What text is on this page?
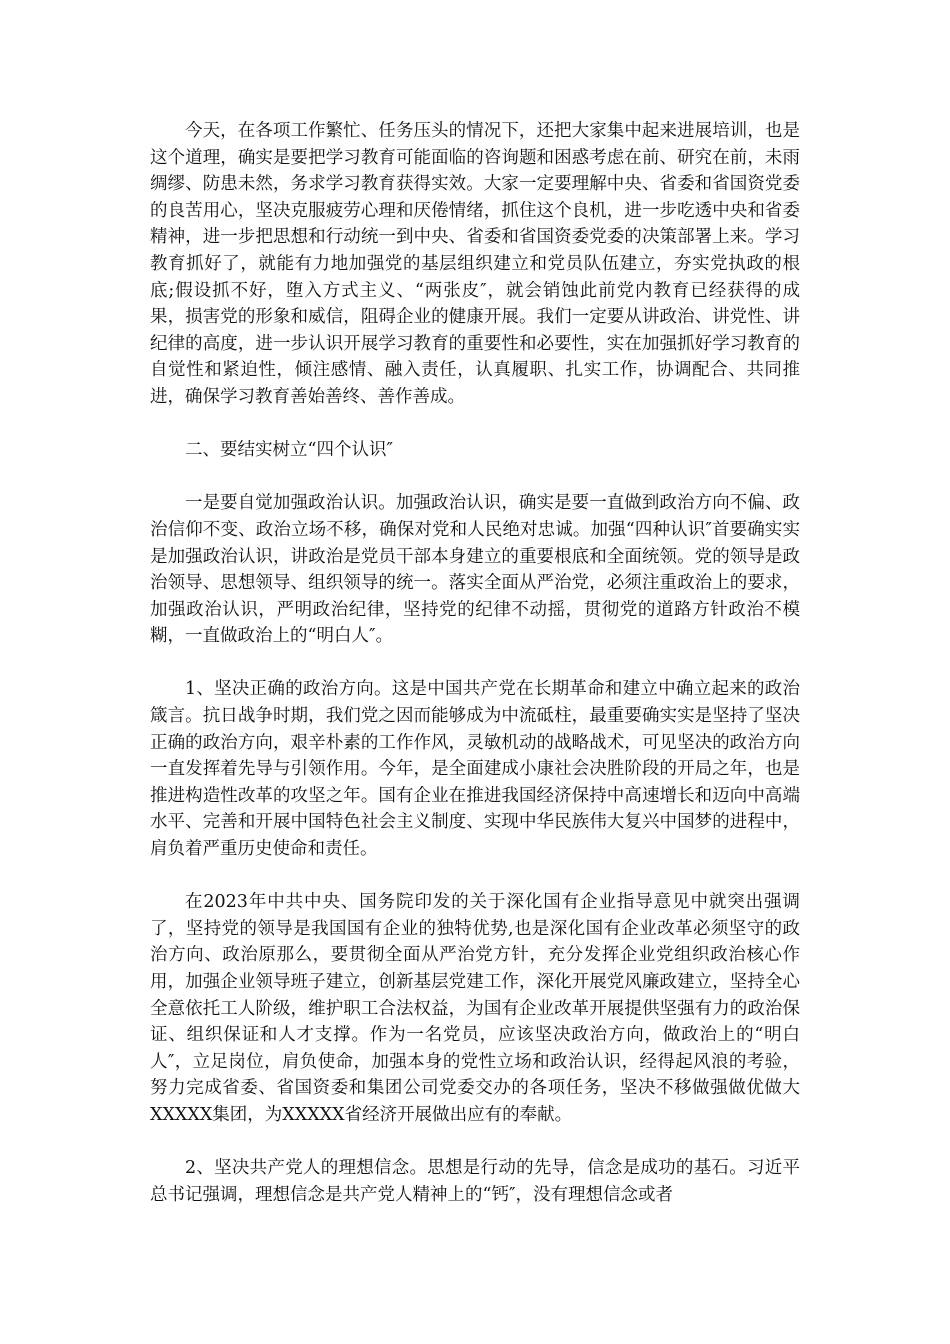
今天，在各项工作繁忙、任务压头的情况下，还把大家集中起来进展培训，也是这个道理，确实是要把学习教育可能面临的咨询题和困惑考虑在前、研究在前，未雨绸缪、防患未然，务求学习教育获得实效。大家一定要理解中央、省委和省国资党委的良苦用心，坚决克服疲劳心理和厌倦情绪，抓住这个良机，进一步吃透中央和省委精神，进一步把思想和行动统一到中央、省委和省国资委党委的决策部署上来。学习教育抓好了，就能有力地加强党的基层组织建立和党员队伍建立，夯实党执政的根底;假设抓不好，堕入方式主义、“两张皮″，就会销蚀此前党内教育已经获得的成果，损害党的形象和威信，阻碍企业的健康开展。我们一定要从讲政治、讲党性、讲纪律的高度，进一步认识开展学习教育的重要性和必要性，实在加强抓好学习教育的自觉性和紧迫性，倾注感情、融入责任，认真履职、扎实工作，协调配合、共同推进，确保学习教育善始善终、善作善成。

二、要结实树立“四个认识″

一是要自觉加强政治认识。加强政治认识，确实是要一直做到政治方向不偏、政治信仰不变、政治立场不移，确保对党和人民绝对忠诚。加强“四种认识″首要确实实是加强政治认识，讲政治是党员干部本身建立的重要根底和全面统领。党的领导是政治领导、思想领导、组织领导的统一。落实全面从严治党，必须注重政治上的要求，加强政治认识，严明政治纪律，坚持党的纪律不动摇，贯彻党的道路方针政治不模糊，一直做政治上的“明白人″。

1、坚决正确的政治方向。这是中国共产党在长期革命和建立中确立起来的政治箴言。抗日战争时期，我们党之因而能够成为中流砥柱，最重要确实实是坚持了坚决正确的政治方向，艰辛朴素的工作作风，灵敏机动的战略战术，可见坚决的政治方向一直发挥着先导与引领作用。今年，是全面建成小康社会决胜阶段的开局之年，也是推进构造性改革的攻坚之年。国有企业在推进我国经济保持中高速增长和迈向中高端水平、完善和开展中国特色社会主义制度、实现中华民族伟大复兴中国梦的进程中，肩负着严重历史使命和责任。

在2023年中共中央、国务院印发的关于深化国有企业指导意见中就突出强调了，坚持党的领导是我国国有企业的独特优势,也是深化国有企业改革必须坚守的政治方向、政治原那么，要贯彻全面从严治党方针，充分发挥企业党组织政治核心作用，加强企业领导班子建立，创新基层党建工作，深化开展党风廉政建立，坚持全心全意依托工人阶级，维护职工合法权益，为国有企业改革开展提供坚强有力的政治保证、组织保证和人才支撑。作为一名党员，应该坚决政治方向，做政治上的“明白人″，立足岗位，肩负使命，加强本身的党性立场和政治认识，经得起风浪的考验，努力完成省委、省国资委和集团公司党委交办的各项任务，坚决不移做强做优做大XXXXX集团，为XXXXX省经济开展做出应有的奉献。

2、坚决共产党人的理想信念。思想是行动的先导，信念是成功的基石。习近平总书记强调，理想信念是共产党人精神上的“钙″，没有理想信念或者
